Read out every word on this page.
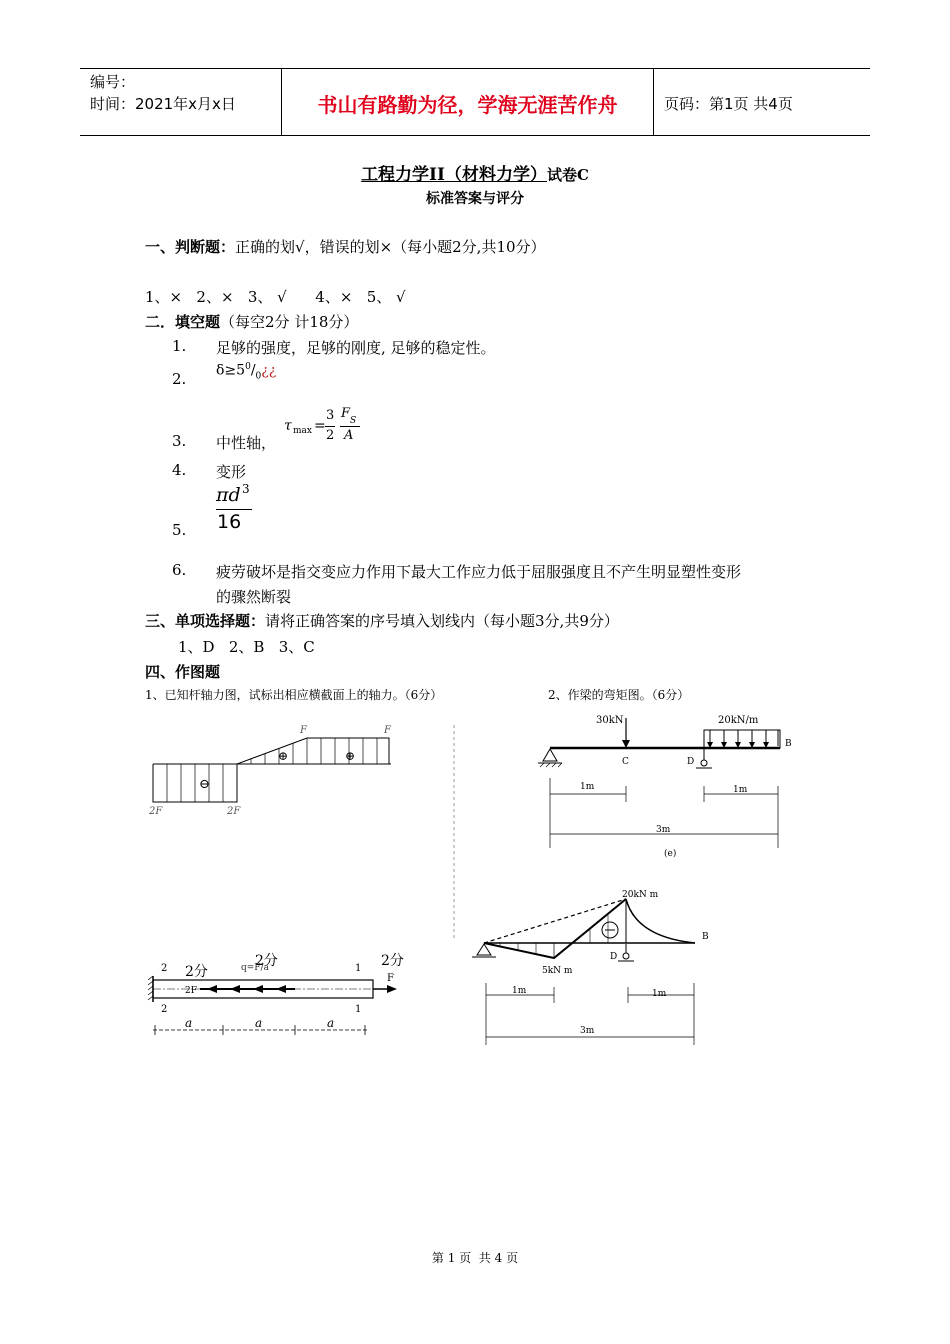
编号：
时间：2021年x月x日	书山有路勤为径，学海无涯苦作舟	页码：第1页 共4页
工程力学II（材料力学）试卷C
标准答案与评分
一、判断题：正确的划√，错误的划×（每小题2分,共10分）
1、×   2、×   3、 √      4、×   5、 √
二．填空题（每空2分 计18分）
1. 足够的强度，足够的刚度, 足够的稳定性。
2. $\delta\ge 5^0/_0¿¿$
3. 中性轴，
τ max =
3
2
F S
A
4. 变形
5.
πd 3
16
6. 疲劳破坏是指交变应力作用下最大工作应力低于屈服强度且不产生明显塑性变形
的骤然断裂
三、单项选择题：请将正确答案的序号填入划线内（每小题3分,共9分）
1、D   2、B   3、C
四、作图题
1、已知杆轴力图，试标出相应横截面上的轴力。（6分）	2、作梁的弯矩图。（6分）
⊖
⊕	⊕
F	F
2F	2F
2分
2分	2分
q=F/a
2F
F
2
2
1
1
a	a	a
30kN	20kN/m
B
C	D
1m	1m
3m
(e)
20kN m
5kN m
B
D
1m	1m
3m
第 1 页  共 4 页
